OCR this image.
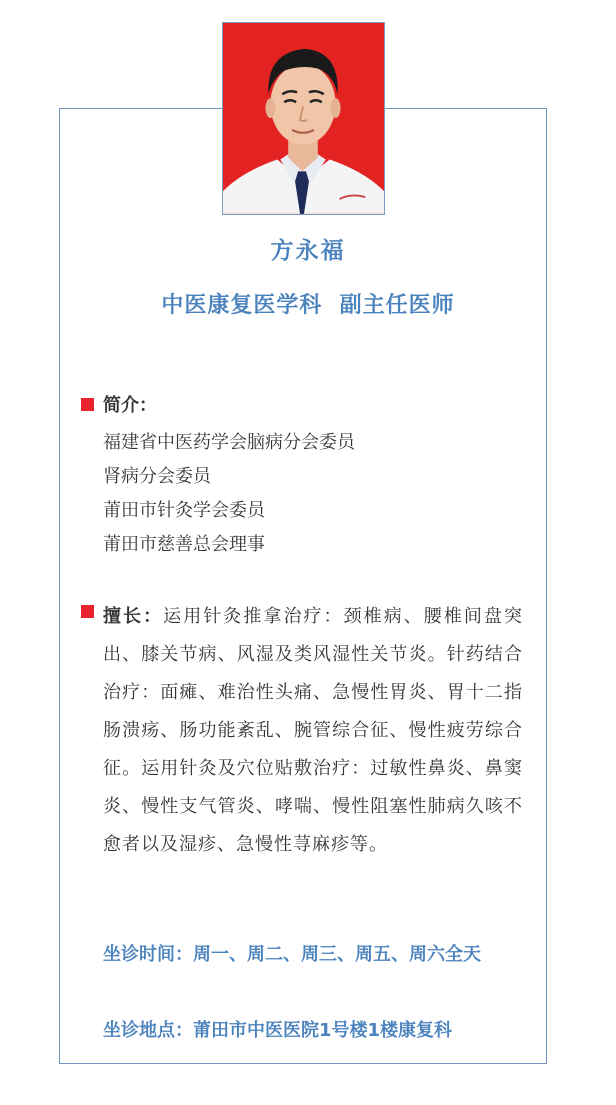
方永福
中医康复医学科  副主任医师
简介：
福建省中医药学会脑病分会委员
肾病分会委员
莆田市针灸学会委员
莆田市慈善总会理事
擅长：运用针灸推拿治疗：颈椎病、腰椎间盘突出、膝关节病、风湿及类风湿性关节炎。针药结合治疗：面瘫、难治性头痛、急慢性胃炎、胃十二指肠溃疡、肠功能紊乱、腕管综合征、慢性疲劳综合征。运用针灸及穴位贴敷治疗：过敏性鼻炎、鼻窦炎、慢性支气管炎、哮喘、慢性阻塞性肺病久咳不愈者以及湿疹、急慢性荨麻疹等。
坐诊时间：周一、周二、周三、周五、周六全天
坐诊地点：莆田市中医医院1号楼1楼康复科
